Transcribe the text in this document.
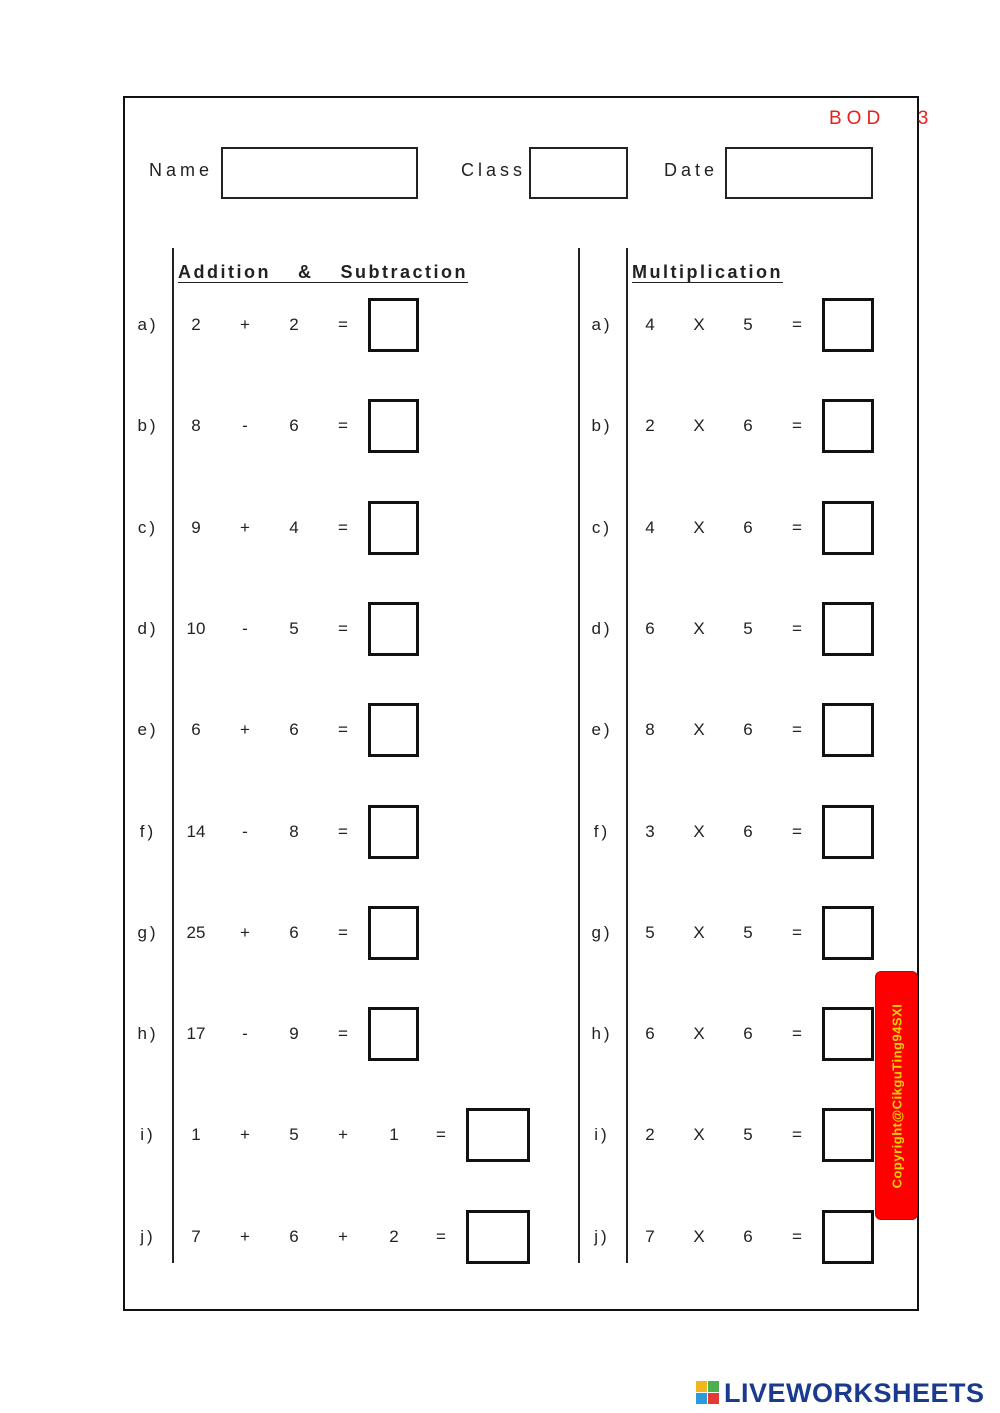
BOD  3
Name	Class	Date
Addition  &  Subtraction	Multiplication
a) 2 + 2 =
b) 8 - 6 =
c) 9 + 4 =
d) 10 - 5 =
e) 6 + 6 =
f) 14 - 8 =
g) 25 + 6 =
h) 17 - 9 =
i) 1 + 5 + 1 =
j) 7 + 6 + 2 =
a) 4 X 5 =
b) 2 X 6 =
c) 4 X 6 =
d) 6 X 5 =
e) 8 X 6 =
f) 3 X 6 =
g) 5 X 5 =
h) 6 X 6 =
i) 2 X 5 =
j) 7 X 6 =
Copyright@CikguTing94SXI
LIVEWORKSHEETS
